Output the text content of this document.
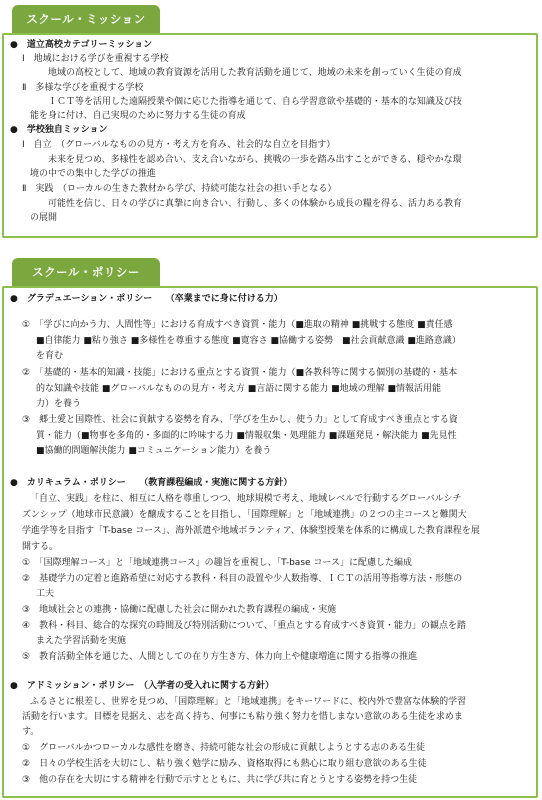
スクール・ミッション
スクール・ポリシー
●　道立高校カテゴリーミッション
Ⅰ　地域における学びを重視する学校
地域の高校として、地域の教育資源を活用した教育活動を通じて、地域の未来を創っていく生徒の育成
Ⅱ　多様な学びを重視する学校
ＩＣＴ等を活用した遠隔授業や個に応じた指導を通じて、自ら学習意欲や基礎的・基本的な知識及び技
能を身に付け、自己実現のために努力する生徒の育成
●　学校独自ミッション
Ⅰ　自立　（グローバルなものの見方・考え方を育み、社会的な自立を目指す）
未来を見つめ、多様性を認め合い、支え合いながら、挑戦の一歩を踏み出すことができる、穏やかな環
境の中での集中した学びの推進
Ⅱ　実践　（ローカルの生きた教材から学び、持続可能な社会の担い手となる）
可能性を信じ、日々の学びに真摯に向き合い、行動し、多くの体験から成長の糧を得る、活力ある教育
の展開
●　グラデュエーション・ポリシー　　（卒業までに身に付ける力）
①　「学びに向かう力、人間性等」における育成すべき資質・能力（■進取の精神 ■挑戦する態度 ■責任感
■自律能力 ■粘り強さ ■多様性を尊重する態度 ■寛容さ ■協働する姿勢　■社会貢献意識 ■進路意識）
を育む
②　「基礎的・基本的知識・技能」における重点とする資質・能力（■各教科等に関する個別の基礎的・基本
的な知識や技能 ■グローバルなものの見方・考え方 ■言語に関する能力 ■地域の理解 ■情報活用能
力）を養う
③　郷土愛と国際性、社会に貢献する姿勢を育み、「学びを生かし、使う力」として育成すべき重点とする資
質・能力（■物事を多角的・多面的に吟味する力 ■情報収集・処理能力 ■課題発見・解決能力 ■先見性
■協働的問題解決能力 ■コミュニケーション能力）を養う
●　カリキュラム・ポリシー　　（教育課程編成・実施に関する方針）
「自立、実践」を柱に、相互に人格を尊重しつつ、地球規模で考え、地域レベルで行動するグローバルシチ
ズンシップ（地球市民意識）を醸成することを目指し、「国際理解」と「地域連携」の２つの主コースと難関大
学進学等を目指す「T-base コース」、海外派遣や地域ボランティア、体験型授業を体系的に構成した教育課程を展
開する。
①　「国際理解コース」と「地域連携コース」の趣旨を重視し、「T-base コース」に配慮した編成
②　基礎学力の定着と進路希望に対応する教科・科目の設置や少人数指導、ＩＣＴの活用等指導方法・形態の
工夫
③　地域社会との連携・協働に配慮した社会に開かれた教育課程の編成・実施
④　教科・科目、総合的な探究の時間及び特別活動について、「重点とする育成すべき資質・能力」の観点を踏
まえた学習活動を実施
⑤　教育活動全体を通じた、人間としての在り方生き方、体力向上や健康増進に関する指導の推進
●　アドミッション・ポリシー　（入学者の受入れに関する方針）
ふるさとに根差し、世界を見つめ、「国際理解」と「地域連携」をキーワードに、校内外で豊富な体験的学習
活動を行います。目標を見据え、志を高く持ち、何事にも粘り強く努力を惜しまない意欲のある生徒を求めま
す。
①　グローバルかつローカルな感性を磨き、持続可能な社会の形成に貢献しようとする志のある生徒
②　日々の学校生活を大切にし、粘り強く勉学に励み、資格取得にも熱心に取り組む意欲のある生徒
③　他の存在を大切にする精神を行動で示すとともに、共に学び共に育とうとする姿勢を持つ生徒
